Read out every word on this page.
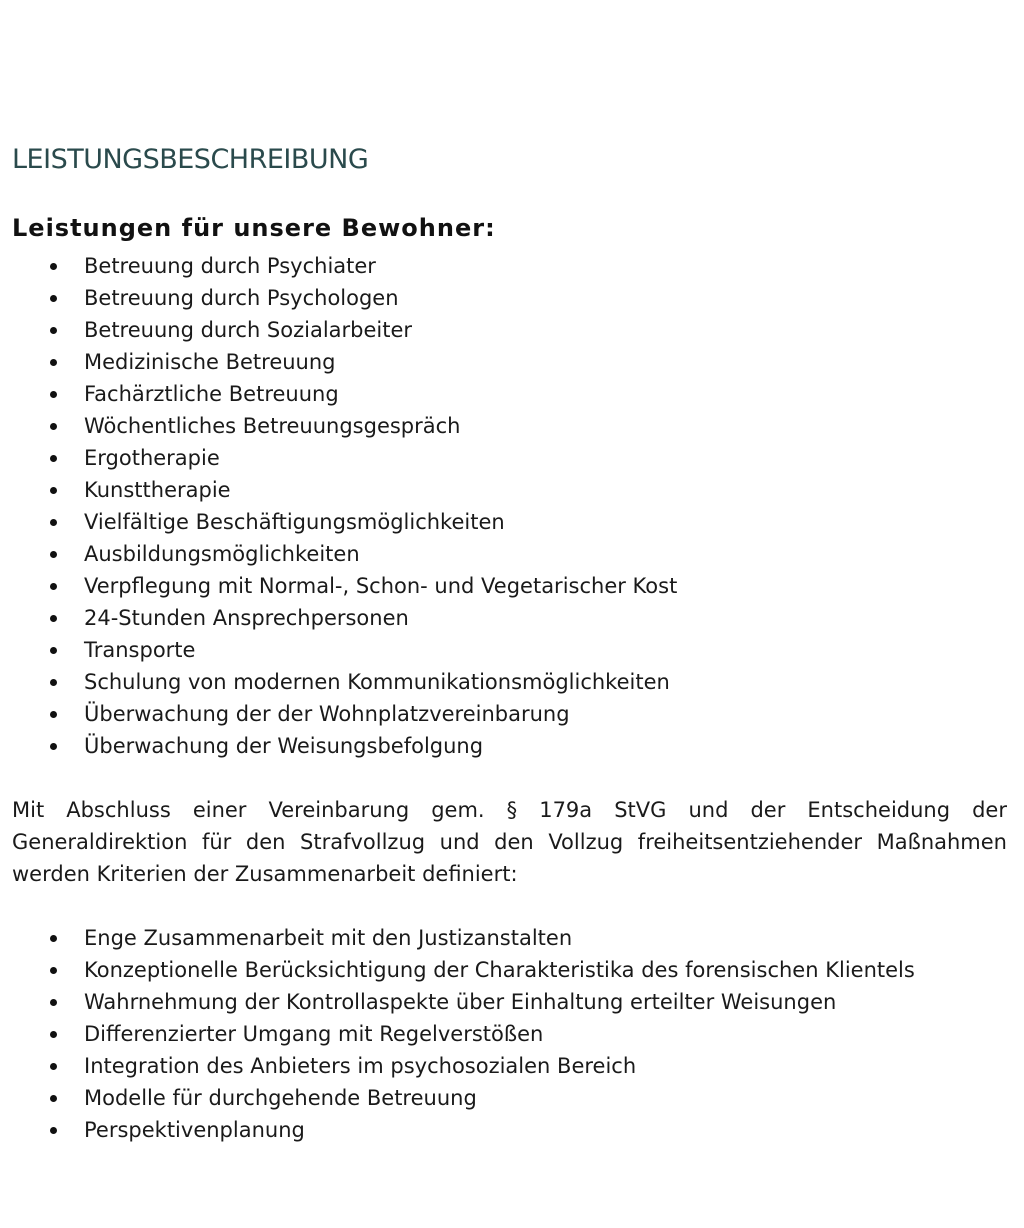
LEISTUNGSBESCHREIBUNG
Leistungen für unsere Bewohner:
Betreuung durch Psychiater
Betreuung durch Psychologen
Betreuung durch Sozialarbeiter
Medizinische Betreuung
Fachärztliche Betreuung
Wöchentliches Betreuungsgespräch
Ergotherapie
Kunsttherapie
Vielfältige Beschäftigungsmöglichkeiten
Ausbildungsmöglichkeiten
Verpflegung mit Normal-, Schon- und Vegetarischer Kost
24-Stunden Ansprechpersonen
Transporte
Schulung von modernen Kommunikationsmöglichkeiten
Überwachung der der Wohnplatzvereinbarung
Überwachung der Weisungsbefolgung

Mit Abschluss einer Vereinbarung gem. § 179a StVG und der Entscheidung der Generaldirektion für den Strafvollzug und den Vollzug freiheitsentziehender Maßnahmen werden Kriterien der Zusammenarbeit definiert:

Enge Zusammenarbeit mit den Justizanstalten
Konzeptionelle Berücksichtigung der Charakteristika des forensischen Klientels
Wahrnehmung der Kontrollaspekte über Einhaltung erteilter Weisungen
Differenzierter Umgang mit Regelverstößen
Integration des Anbieters im psychosozialen Bereich
Modelle für durchgehende Betreuung
Perspektivenplanung
